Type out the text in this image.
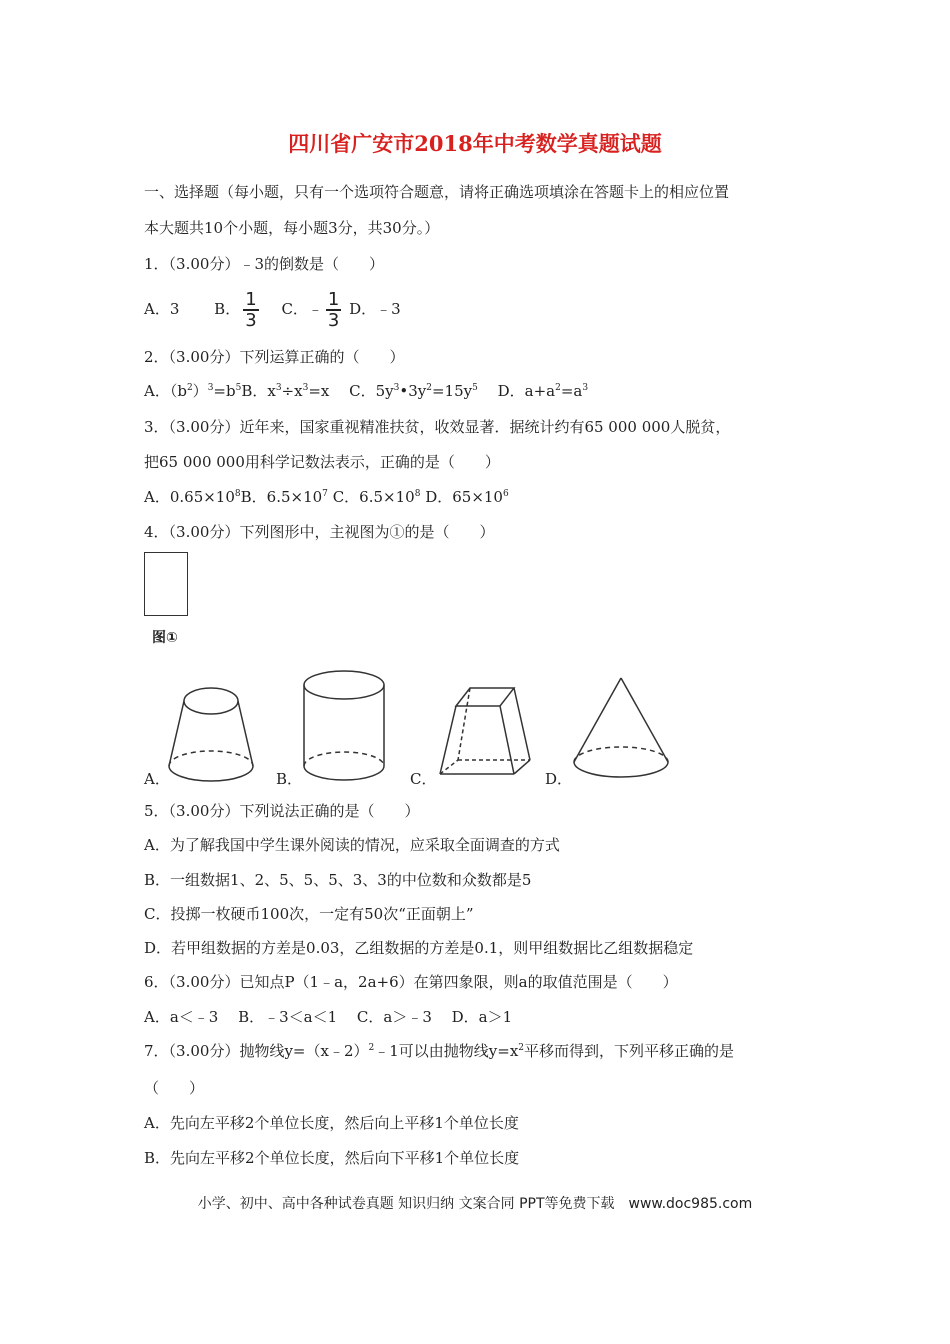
四川省广安市2018年中考数学真题试题
一、选择题（每小题，只有一个选项符合题意，请将正确选项填涂在答题卡上的相应位置
本大题共10个小题，每小题3分，共30分。）
1．（3.00分）﹣3的倒数是（　　）
A．3　　 B． $\frac{1}{3}$
　 C．﹣ $\frac{1}{3}$ D．﹣3
2．（3.00分）下列运算正确的（　　）
A．$(b^2)^3=b^5B$．$x^3\div x^3=x$　 C．$5y^3•3y^2=15y^5$　 D．$a+a^2=a^3$
3．（3.00分）近年来，国家重视精准扶贫，收效显著．据统计约有65 000 000人脱贫，
把65 000 000用科学记数法表示，正确的是（　　）
A．$0.65\times 10^8B$．$6.5\times 10^7$ C．$6.5\times 10^8$ D．$65\times 10^6$
4．（3.00分）下列图形中，主视图为①的是（　　）
图①
A．	B．	C．	D．
5．（3.00分）下列说法正确的是（　　）
A．为了解我国中学生课外阅读的情况，应采取全面调查的方式
B．一组数据1、2、5、5、5、3、3的中位数和众数都是5
C．投掷一枚硬币100次，一定有50次“正面朝上”
D．若甲组数据的方差是0.03，乙组数据的方差是0.1，则甲组数据比乙组数据稳定
6．（3.00分）已知点P（1﹣a，2a+6）在第四象限，则a的取值范围是（　　）
A．a＜﹣3　 B．﹣3＜a＜1　 C．a＞﹣3　 D．a＞1
7．（3.00分）抛物线y=（x﹣2）$^2$﹣1可以由抛物线$y=x^2$平移而得到，下列平移正确的是
（　　）
A．先向左平移2个单位长度，然后向上平移1个单位长度
B．先向左平移2个单位长度，然后向下平移1个单位长度
小学、初中、高中各种试卷真题 知识归纳 文案合同 PPT等免费下载　www.doc985.com
